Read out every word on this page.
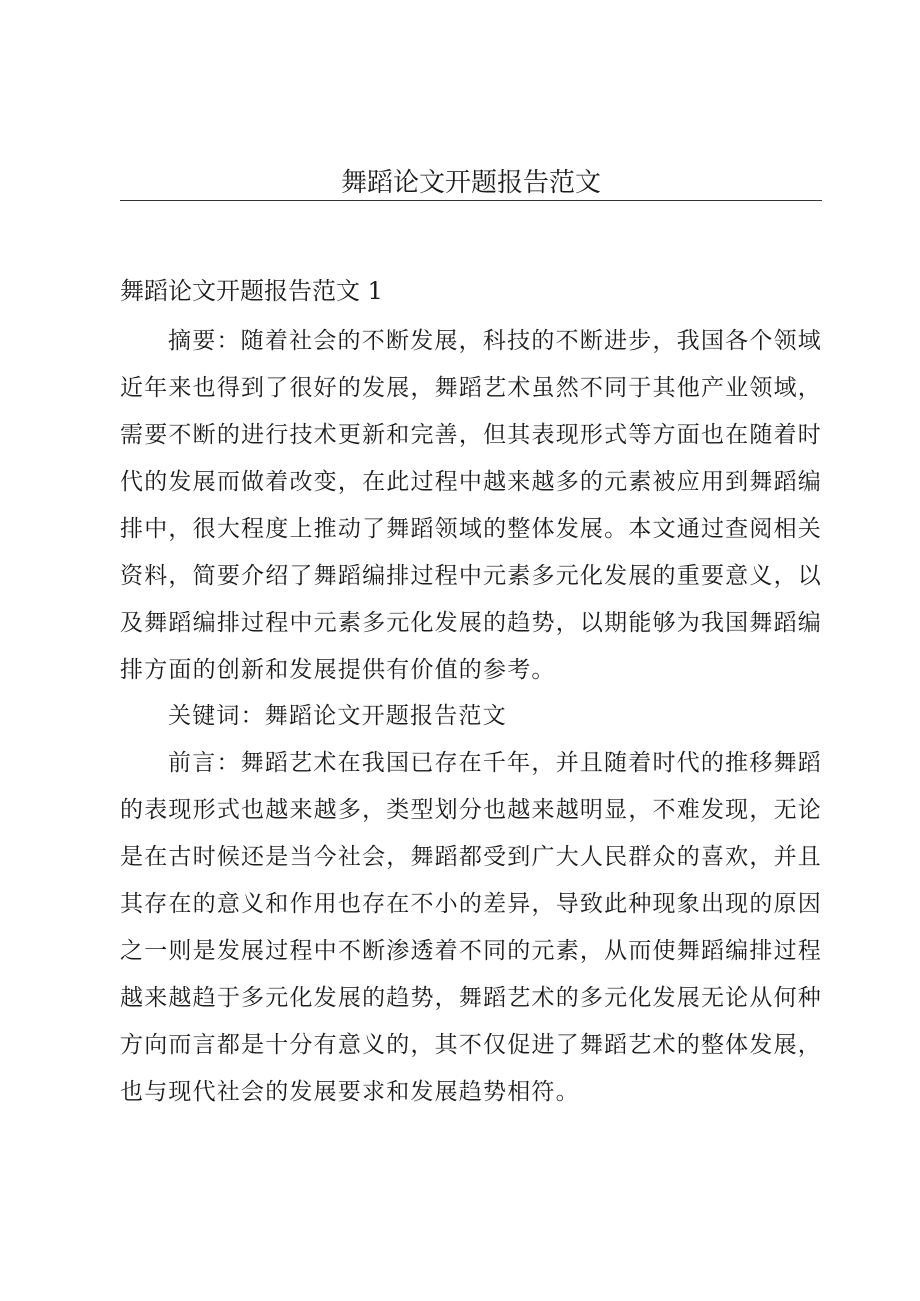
舞蹈论文开题报告范文
舞蹈论文开题报告范文 1

摘要：随着社会的不断发展，科技的不断进步，我国各个领域近年来也得到了很好的发展，舞蹈艺术虽然不同于其他产业领域，需要不断的进行技术更新和完善，但其表现形式等方面也在随着时代的发展而做着改变，在此过程中越来越多的元素被应用到舞蹈编排中，很大程度上推动了舞蹈领域的整体发展。本文通过查阅相关资料，简要介绍了舞蹈编排过程中元素多元化发展的重要意义，以及舞蹈编排过程中元素多元化发展的趋势，以期能够为我国舞蹈编排方面的创新和发展提供有价值的参考。

关键词：舞蹈论文开题报告范文

前言：舞蹈艺术在我国已存在千年，并且随着时代的推移舞蹈的表现形式也越来越多，类型划分也越来越明显，不难发现，无论是在古时候还是当今社会，舞蹈都受到广大人民群众的喜欢，并且其存在的意义和作用也存在不小的差异，导致此种现象出现的原因之一则是发展过程中不断渗透着不同的元素，从而使舞蹈编排过程越来越趋于多元化发展的趋势，舞蹈艺术的多元化发展无论从何种方向而言都是十分有意义的，其不仅促进了舞蹈艺术的整体发展，也与现代社会的发展要求和发展趋势相符。
